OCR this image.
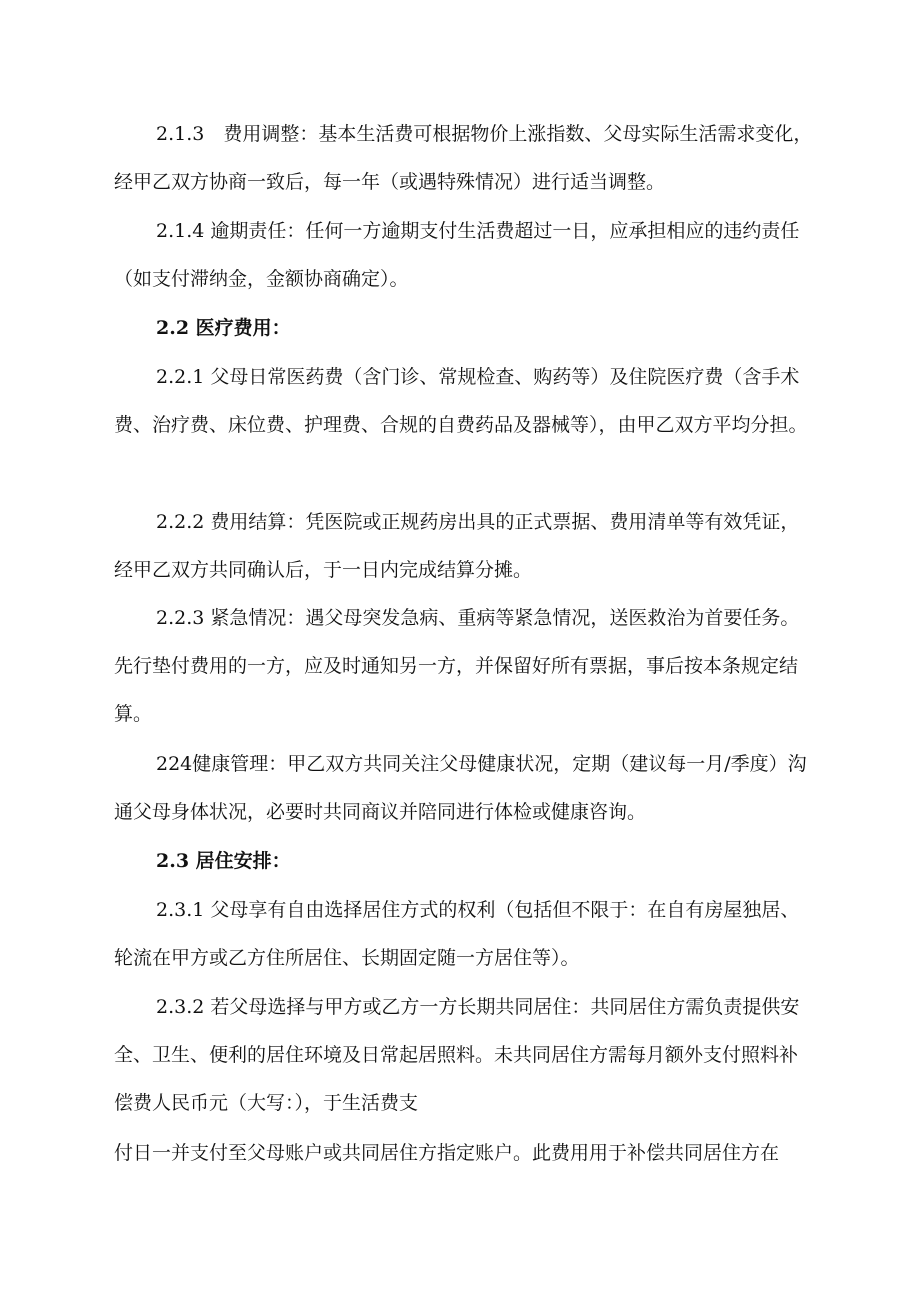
2.1.3　费用调整：基本生活费可根据物价上涨指数、父母实际生活需求变化，经甲乙双方协商一致后，每一年（或遇特殊情况）进行适当调整。

2.1.4 逾期责任：任何一方逾期支付生活费超过一日，应承担相应的违约责任（如支付滞纳金，金额协商确定）。

2.2 医疗费用：

2.2.1 父母日常医药费（含门诊、常规检查、购药等）及住院医疗费（含手术费、治疗费、床位费、护理费、合规的自费药品及器械等），由甲乙双方平均分担。

2.2.2 费用结算：凭医院或正规药房出具的正式票据、费用清单等有效凭证，经甲乙双方共同确认后，于一日内完成结算分摊。

2.2.3 紧急情况：遇父母突发急病、重病等紧急情况，送医救治为首要任务。先行垫付费用的一方，应及时通知另一方，并保留好所有票据，事后按本条规定结算。

224健康管理：甲乙双方共同关注父母健康状况，定期（建议每一月/季度）沟通父母身体状况，必要时共同商议并陪同进行体检或健康咨询。

2.3 居住安排：

2.3.1 父母享有自由选择居住方式的权利（包括但不限于：在自有房屋独居、轮流在甲方或乙方住所居住、长期固定随一方居住等）。

2.3.2 若父母选择与甲方或乙方一方长期共同居住：共同居住方需负责提供安全、卫生、便利的居住环境及日常起居照料。未共同居住方需每月额外支付照料补偿费人民币元（大写：），于生活费支

付日一并支付至父母账户或共同居住方指定账户。此费用用于补偿共同居住方在
